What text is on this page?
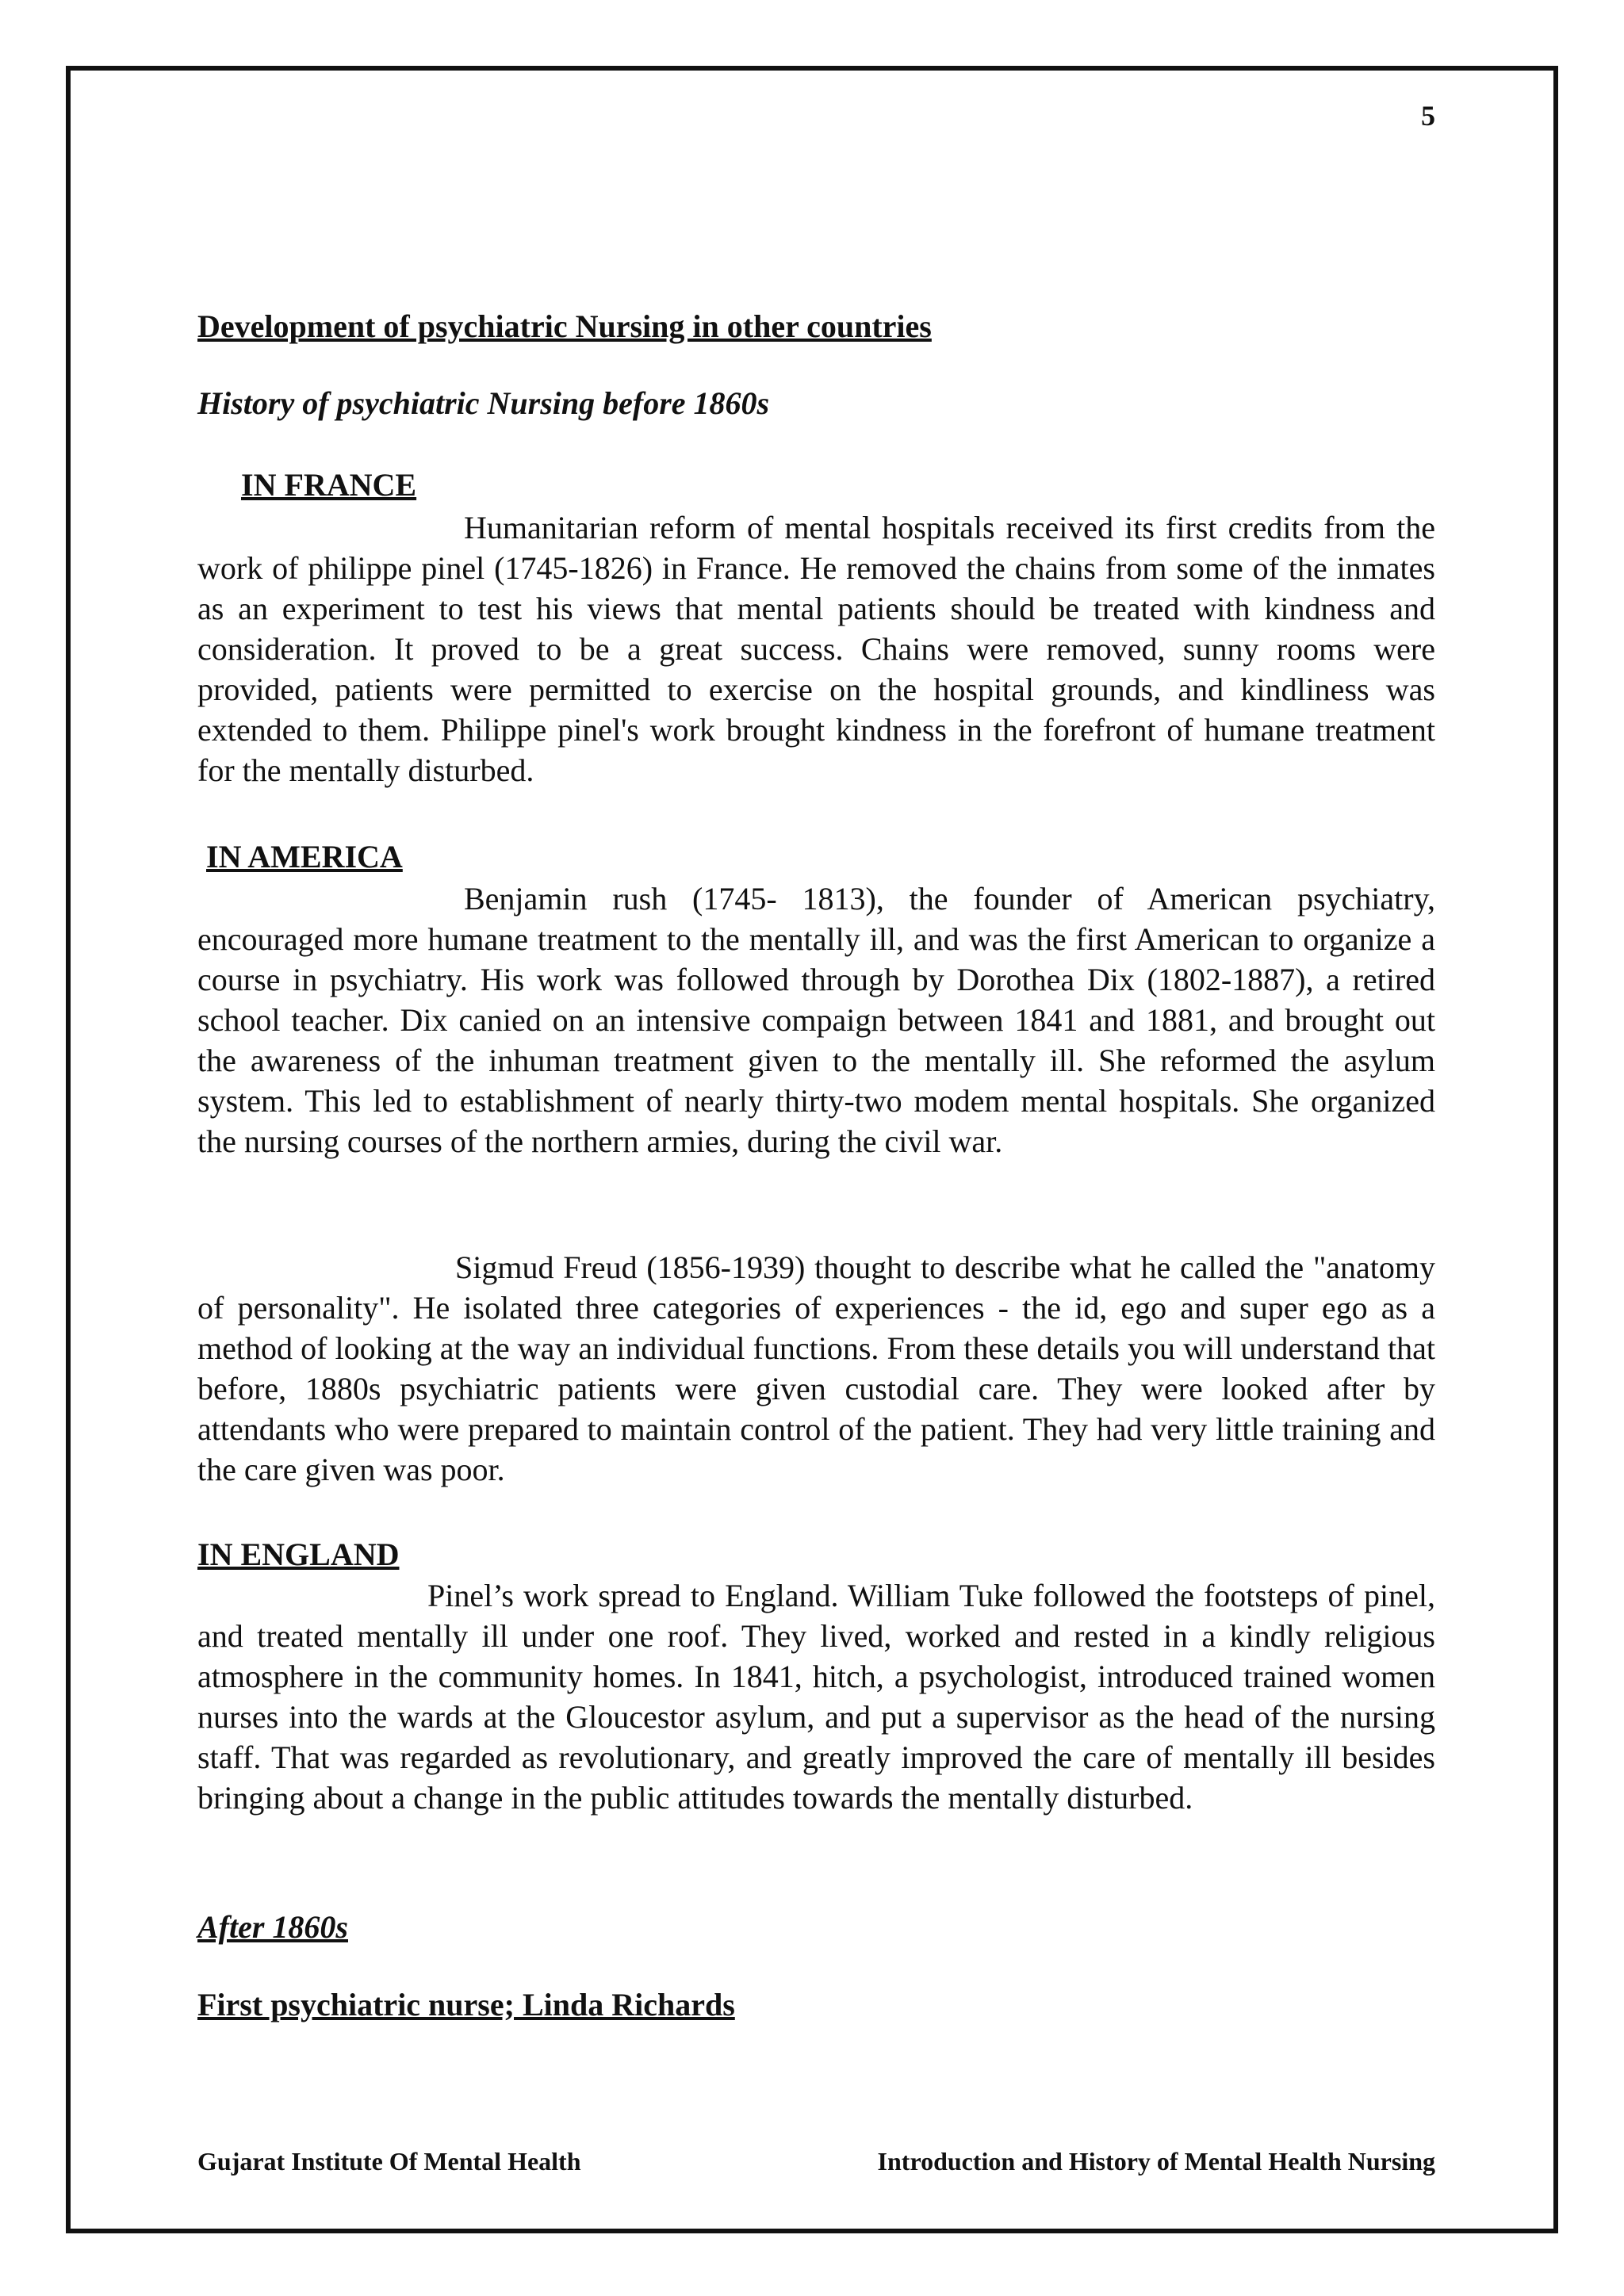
5
Development of psychiatric Nursing in other countries
History of psychiatric Nursing before 1860s
IN FRANCE

Humanitarian reform of mental hospitals received its first credits from the work of philippe pinel (1745-1826) in France. He removed the chains from some of the inmates as an experiment to test his views that mental patients should be treated with kindness and consideration. It proved to be a great success. Chains were removed, sunny rooms were provided, patients were permitted to exercise on the hospital grounds, and kindliness was extended to them. Philippe pinel's work brought kindness in the forefront of humane treatment for the mentally disturbed.

IN AMERICA

Benjamin rush (1745- 1813), the founder of American psychiatry, encouraged more humane treatment to the mentally ill, and was the first American to organize a course in psychiatry. His work was followed through by Dorothea Dix (1802-1887), a retired school teacher. Dix canied on an intensive compaign between 1841 and 1881, and brought out the awareness of the inhuman treatment given to the mentally ill. She reformed the asylum system. This led to establishment of nearly thirty-two modem mental hospitals. She organized the nursing courses of the northern armies, during the civil war.

Sigmud Freud (1856-1939) thought to describe what he called the "anatomy of personality". He isolated three categories of experiences - the id, ego and super ego as a method of looking at the way an individual functions. From these details you will understand that before, 1880s psychiatric patients were given custodial care. They were looked after by attendants who were prepared to maintain control of the patient. They had very little training and the care given was poor.

IN ENGLAND

Pinel’s work spread to England. William Tuke followed the footsteps of pinel, and treated mentally ill under one roof. They lived, worked and rested in a kindly religious atmosphere in the community homes. In 1841, hitch, a psychologist, introduced trained women nurses into the wards at the Gloucestor asylum, and put a supervisor as the head of the nursing staff. That was regarded as revolutionary, and greatly improved the care of mentally ill besides bringing about a change in the public attitudes towards the mentally disturbed.

After 1860s
First psychiatric nurse; Linda Richards
Gujarat Institute Of Mental Health	Introduction and History of Mental Health Nursing
